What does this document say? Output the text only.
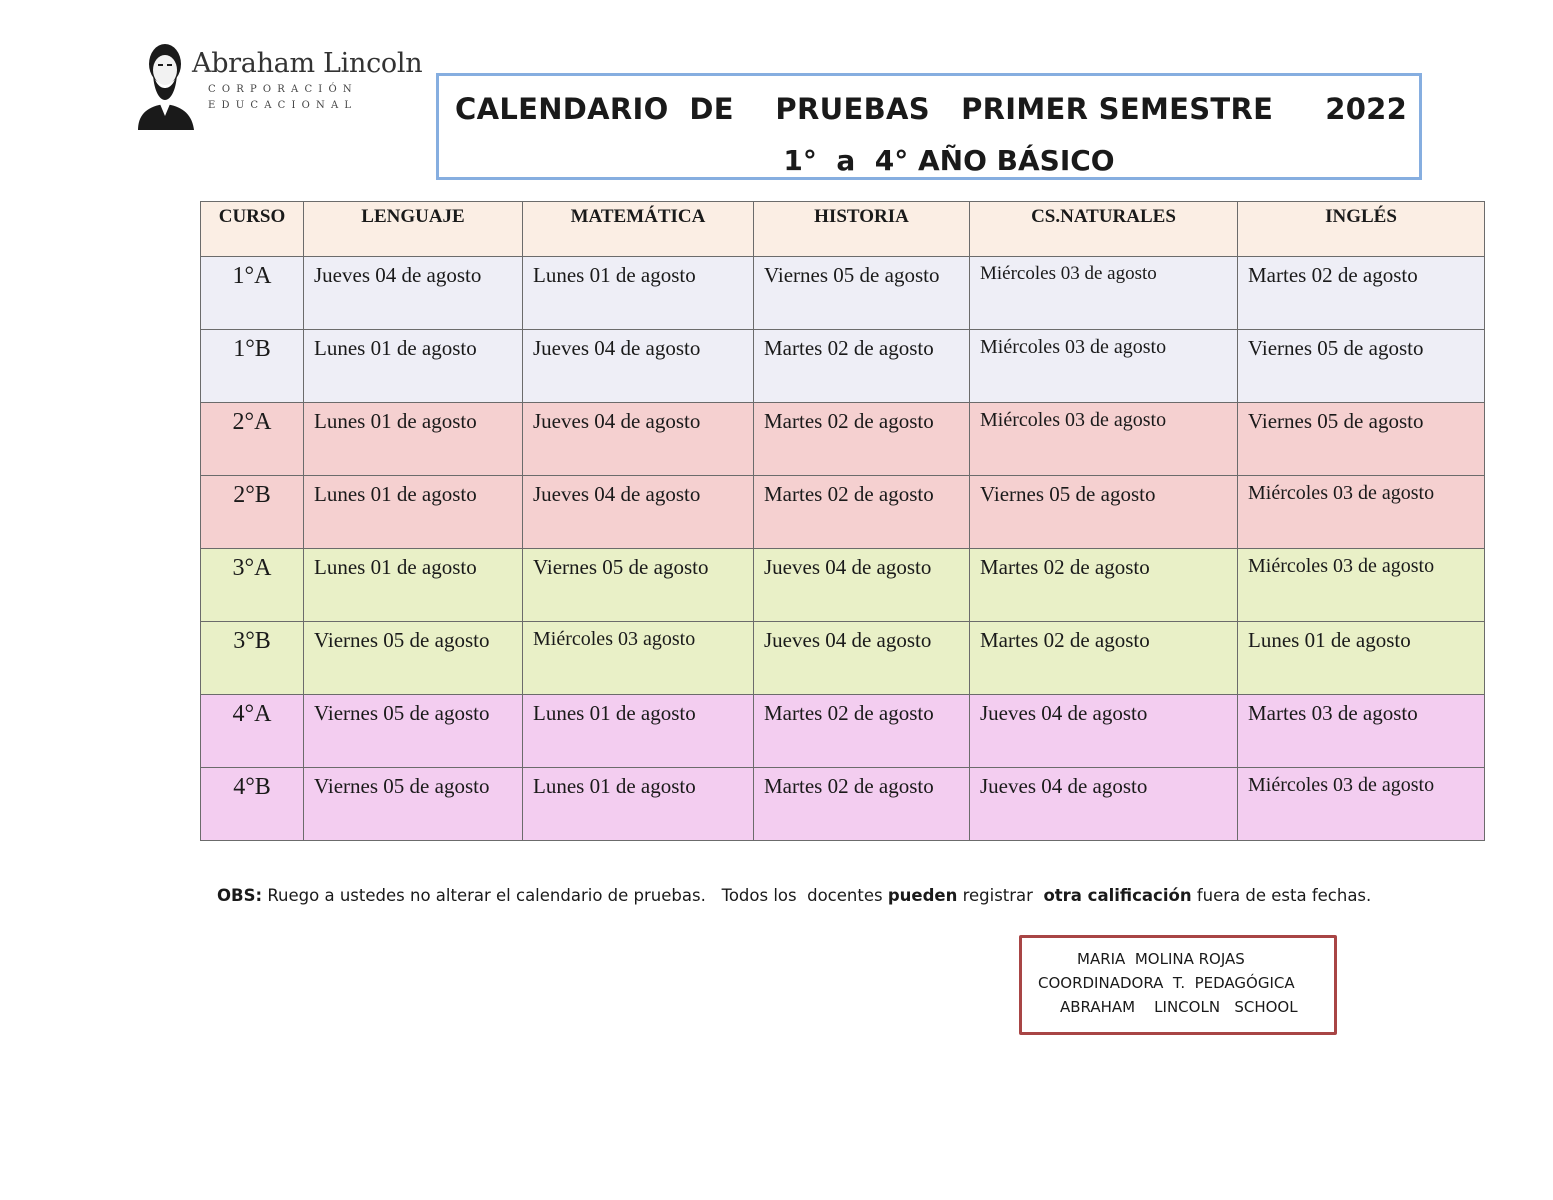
Abraham Lincoln
CORPORACIÓN
EDUCACIONAL	CALENDARIO  DE    PRUEBAS   PRIMER SEMESTRE     2022
1°  a  4° AÑO BÁSICO
CURSO	LENGUAJE	MATEMÁTICA	HISTORIA	CS.NATURALES	INGLÉS
1°A	Jueves 04 de agosto	Lunes 01 de agosto	Viernes 05 de agosto	Miércoles 03 de agosto	Martes 02 de agosto
1°B	Lunes 01 de agosto	Jueves 04 de agosto	Martes 02 de agosto	Miércoles 03 de agosto	Viernes 05 de agosto
2°A	Lunes 01 de agosto	Jueves 04 de agosto	Martes 02 de agosto	Miércoles 03 de agosto	Viernes 05 de agosto
2°B	Lunes 01 de agosto	Jueves 04 de agosto	Martes 02 de agosto	Viernes 05 de agosto	Miércoles 03 de agosto
3°A	Lunes 01 de agosto	Viernes 05 de agosto	Jueves 04 de agosto	Martes 02 de agosto	Miércoles 03 de agosto
3°B	Viernes 05 de agosto	Miércoles 03 agosto	Jueves 04 de agosto	Martes 02 de agosto	Lunes 01 de agosto
4°A	Viernes 05 de agosto	Lunes 01 de agosto	Martes 02 de agosto	Jueves 04 de agosto	Martes 03 de agosto
4°B	Viernes 05 de agosto	Lunes 01 de agosto	Martes 02 de agosto	Jueves 04 de agosto	Miércoles 03 de agosto
OBS: Ruego a ustedes no alterar el calendario de pruebas.   Todos los  docentes pueden registrar  otra calificación fuera de esta fechas.
MARIA  MOLINA ROJAS
COORDINADORA  T.  PEDAGÓGICA
ABRAHAM    LINCOLN   SCHOOL
